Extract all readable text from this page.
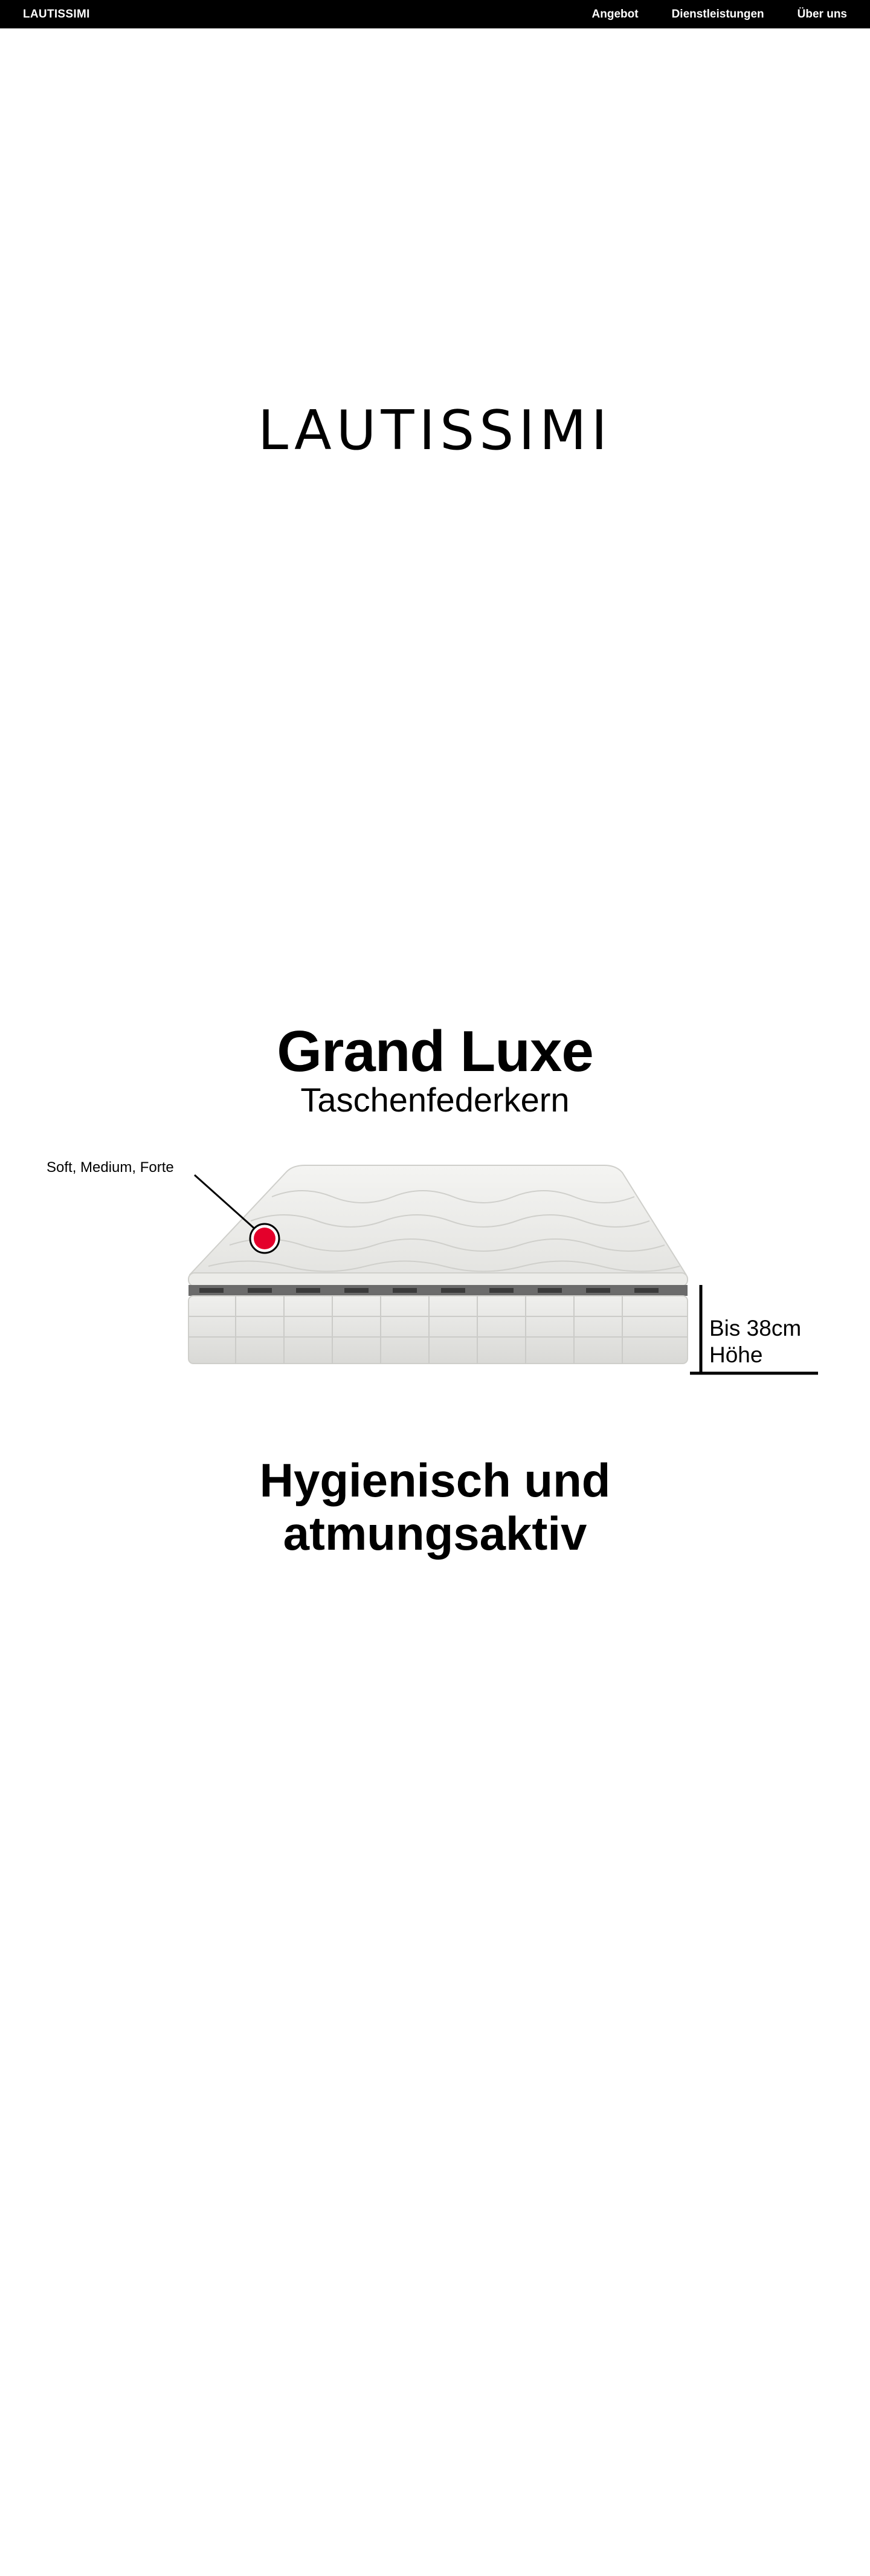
LAUTISSIMI	Angebot	Dienstleistungen	Über uns
LAUTISSIMI
Grand Luxe
Taschenfederkern
Soft, Medium, Forte
Bis 38cm
Höhe
Hygienisch und
atmungsaktiv
